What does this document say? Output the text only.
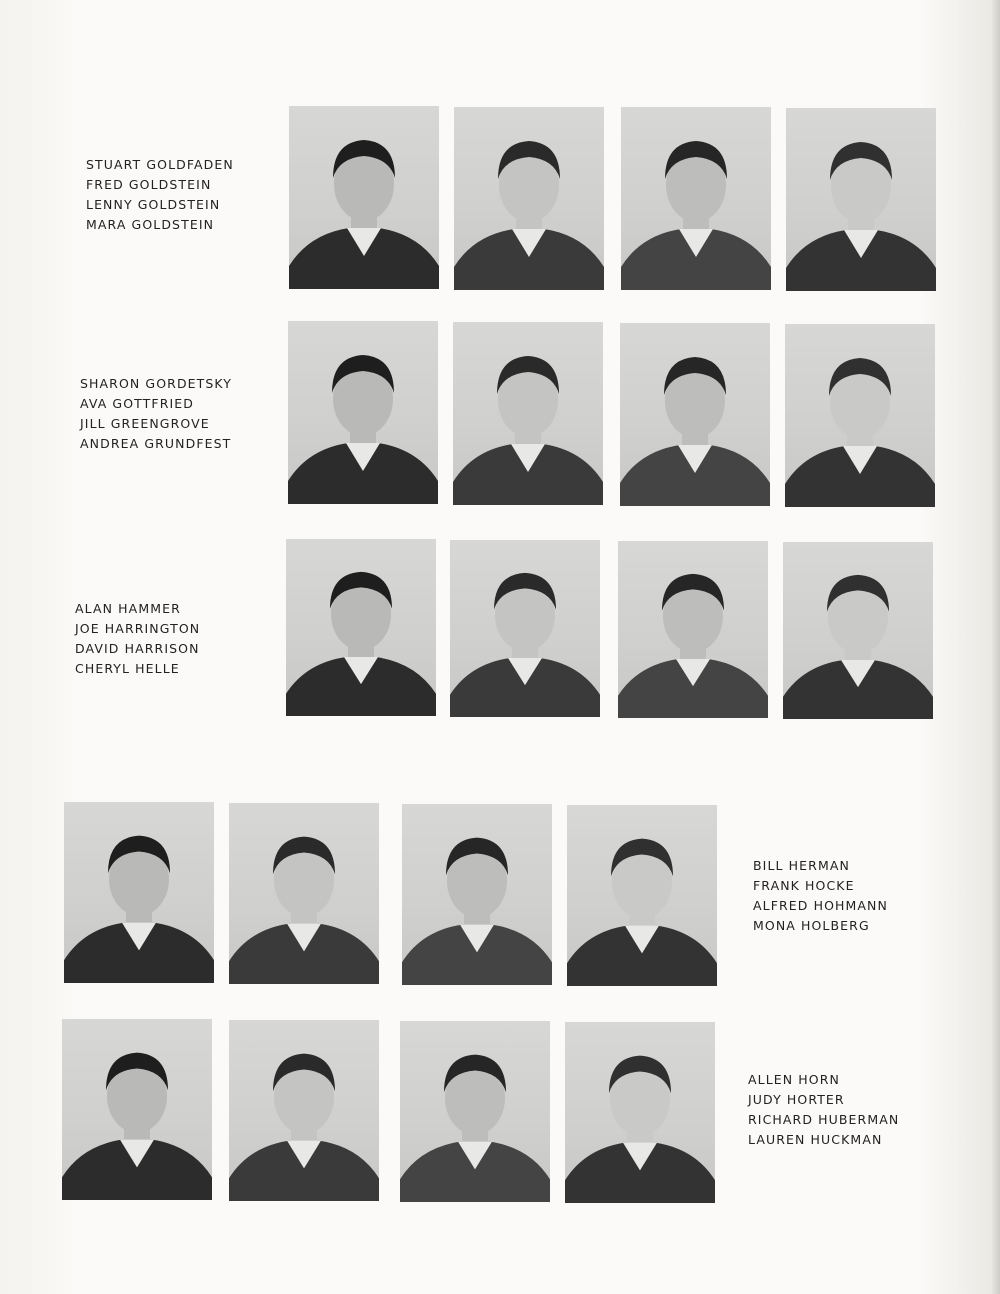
STUART GOLDFADEN
FRED GOLDSTEIN
LENNY GOLDSTEIN
MARA GOLDSTEIN
SHARON GORDETSKY
AVA GOTTFRIED
JILL GREENGROVE
ANDREA GRUNDFEST
ALAN HAMMER
JOE HARRINGTON
DAVID HARRISON
CHERYL HELLE
BILL HERMAN
FRANK HOCKE
ALFRED HOHMANN
MONA HOLBERG
ALLEN HORN
JUDY HORTER
RICHARD HUBERMAN
LAUREN HUCKMAN
